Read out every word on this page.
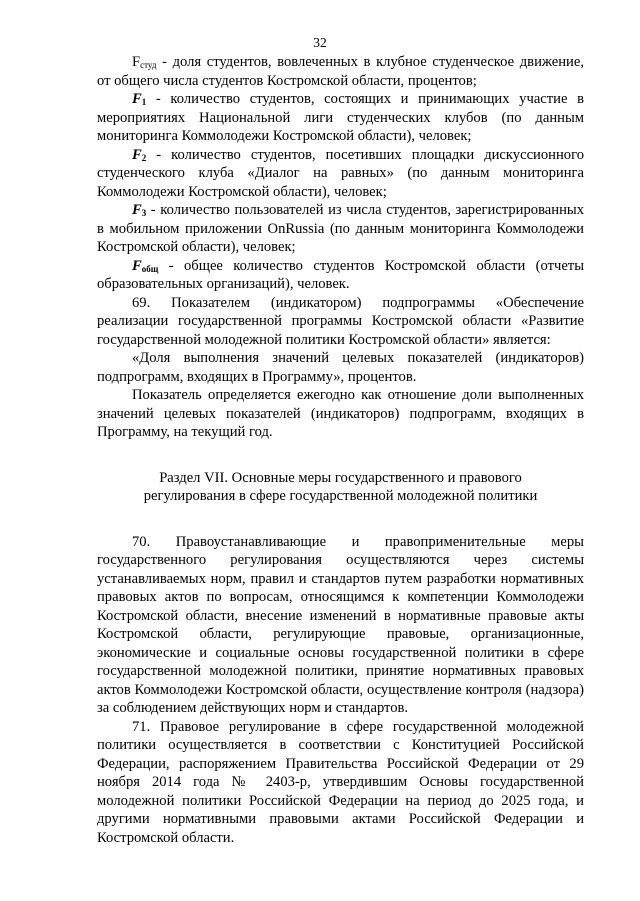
32

$F_{студ}$ - доля студентов, вовлеченных в клубное студенческое движение, от общего числа студентов Костромской области, процентов;

$F_1$ - количество студентов, состоящих и принимающих участие в мероприятиях Национальной лиги студенческих клубов (по данным мониторинга Коммолодежи Костромской области), человек;

$F_2$ - количество студентов, посетивших площадки дискуссионного студенческого клуба «Диалог на равных» (по данным мониторинга Коммолодежи Костромской области), человек;

$F_3$ - количество пользователей из числа студентов, зарегистрированных в мобильном приложении OnRussia (по данным мониторинга Коммолодежи Костромской области), человек;

$F_{общ}$ - общее количество студентов Костромской области (отчеты образовательных организаций), человек.

69. Показателем (индикатором) подпрограммы «Обеспечение реализации государственной программы Костромской области «Развитие государственной молодежной политики Костромской области» является:

«Доля выполнения значений целевых показателей (индикаторов) подпрограмм, входящих в Программу», процентов.

Показатель определяется ежегодно как отношение доли выполненных значений целевых показателей (индикаторов) подпрограмм, входящих в Программу, на текущий год.

Раздел VII. Основные меры государственного и правового

регулирования в сфере государственной молодежной политики

70. Правоустанавливающие и правоприменительные меры государственного регулирования осуществляются через системы устанавливаемых норм, правил и стандартов путем разработки нормативных правовых актов по вопросам, относящимся к компетенции Коммолодежи Костромской области, внесение изменений в нормативные правовые акты Костромской области, регулирующие правовые, организационные, экономические и социальные основы государственной политики в сфере государственной молодежной политики, принятие нормативных правовых актов Коммолодежи Костромской области, осуществление контроля (надзора) за соблюдением действующих норм и стандартов.

71. Правовое регулирование в сфере государственной молодежной политики осуществляется в соответствии с Конституцией Российской Федерации, распоряжением Правительства Российской Федерации от 29 ноября 2014 года № 2403-р, утвердившим Основы государственной молодежной политики Российской Федерации на период до 2025 года, и другими нормативными правовыми актами Российской Федерации и Костромской области.
